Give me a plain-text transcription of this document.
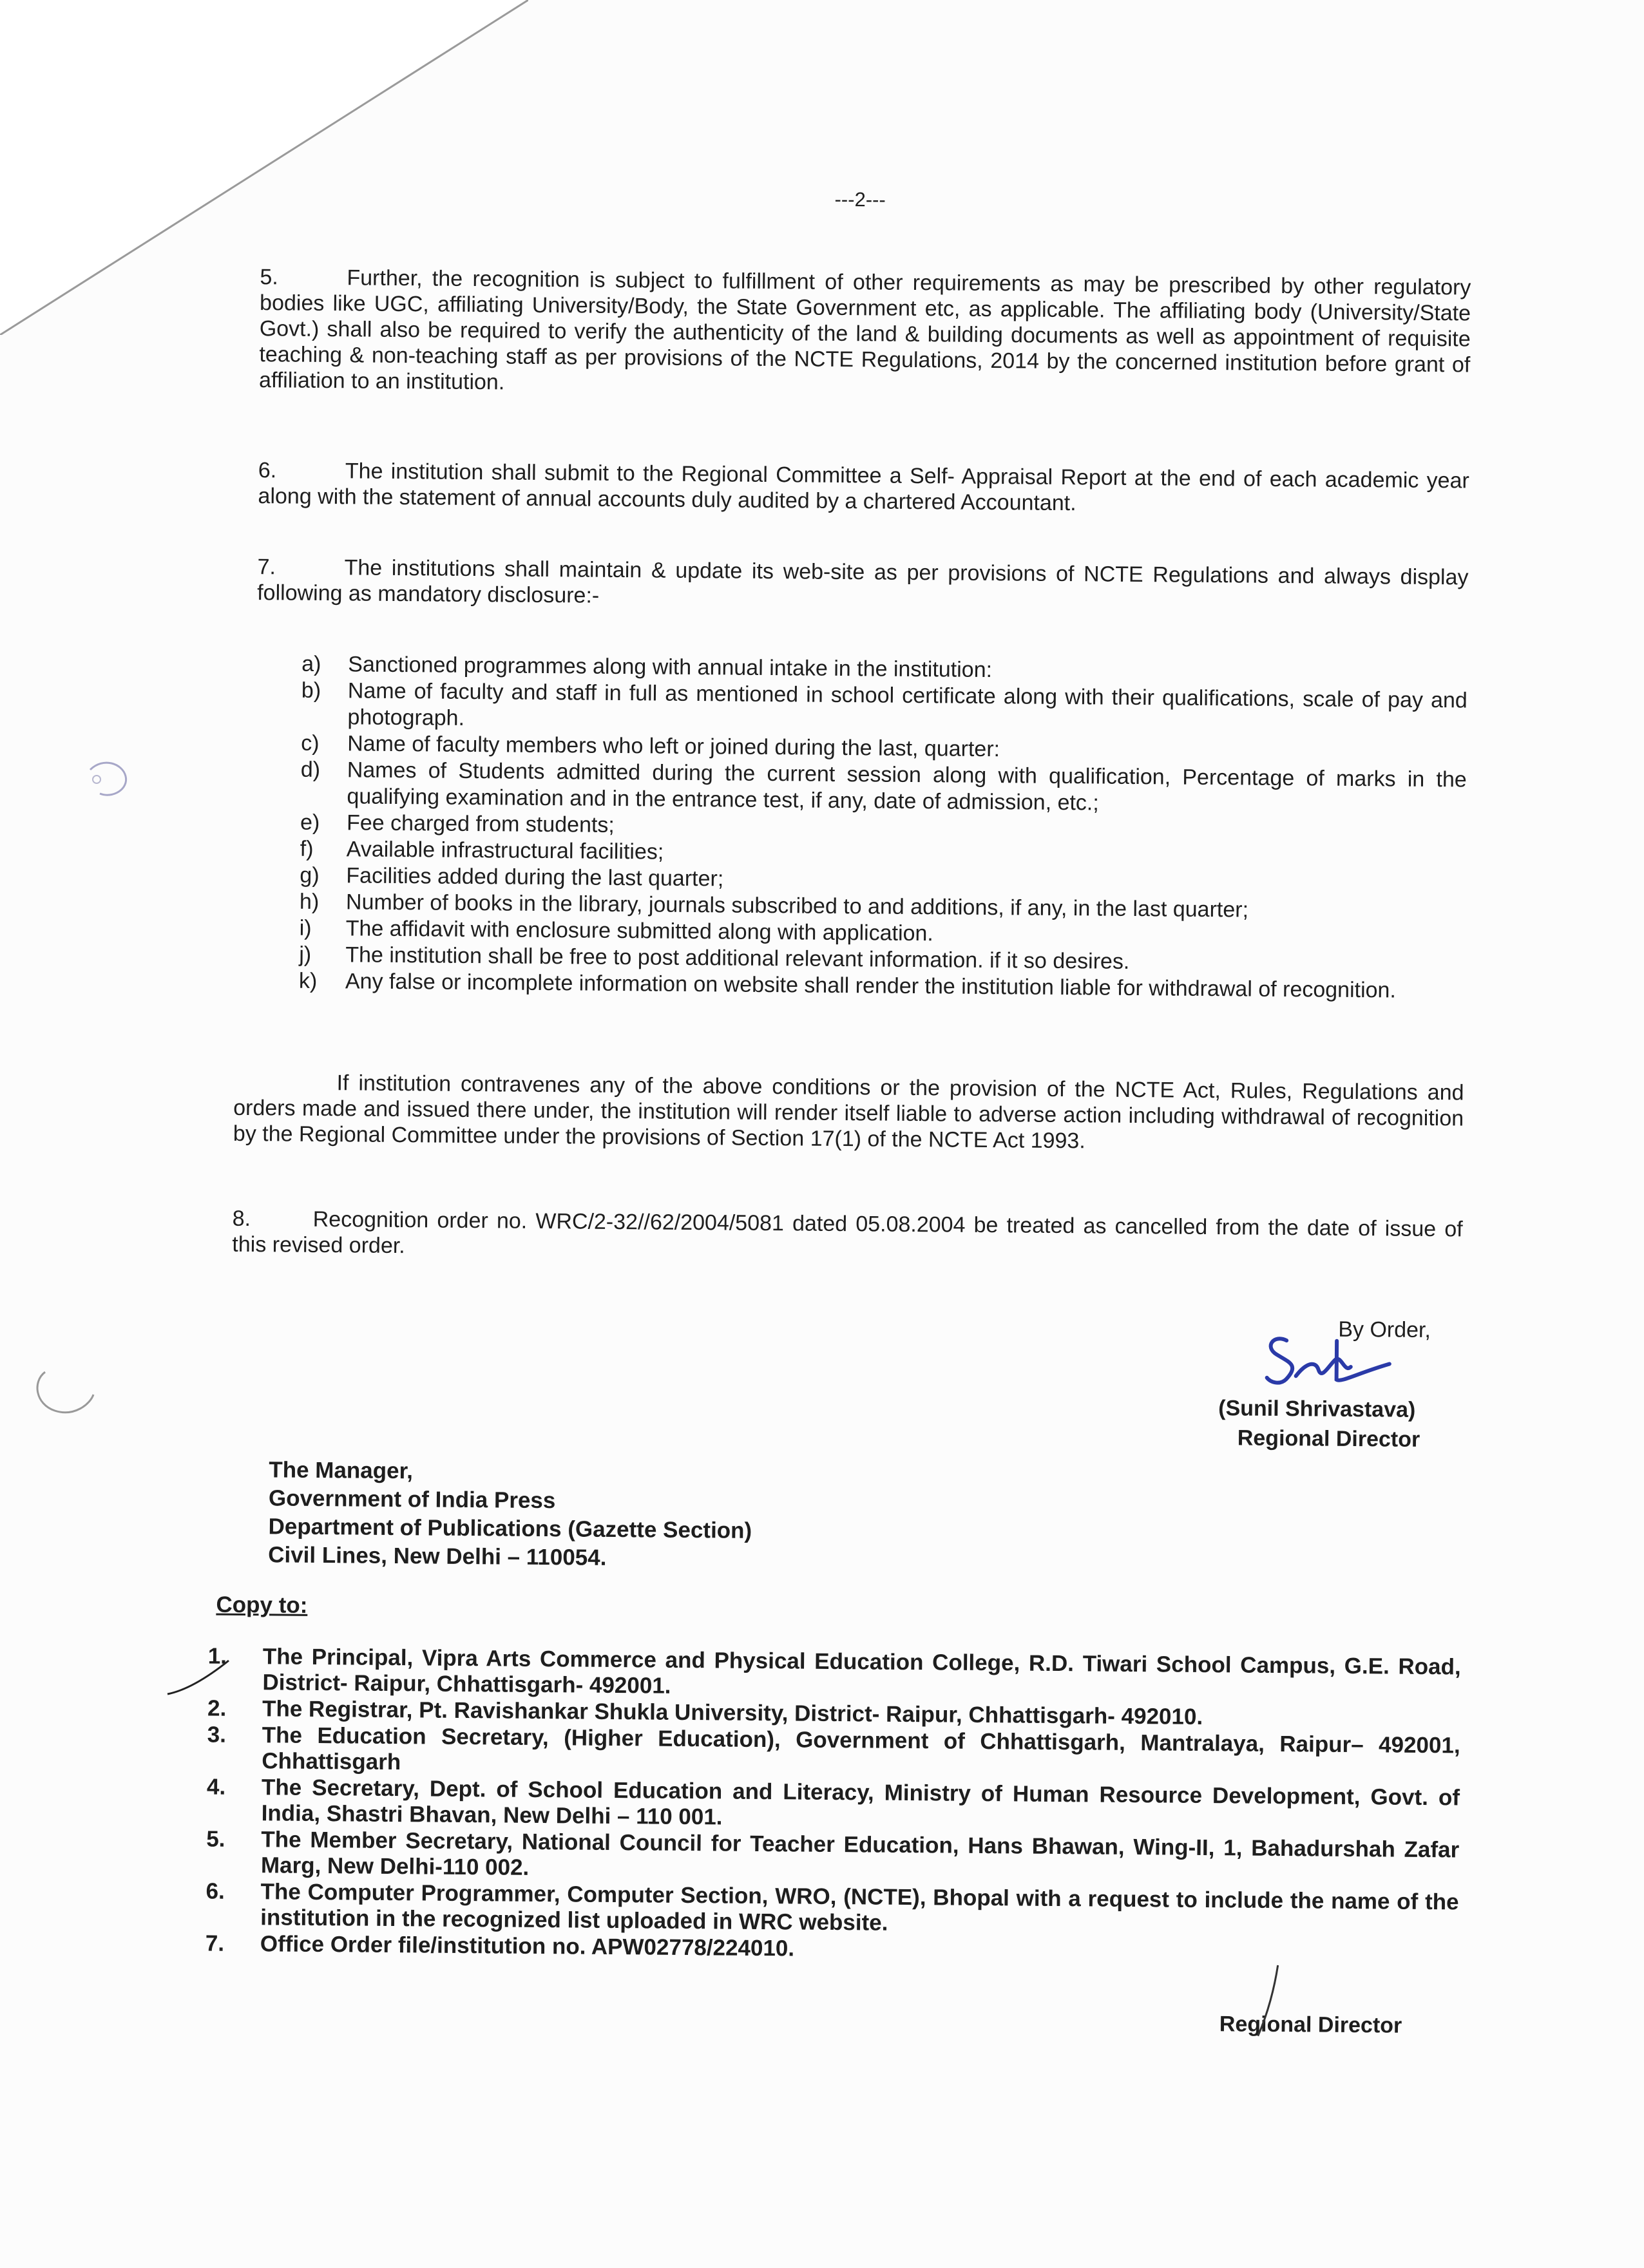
---2---
5.	Further, the recognition is subject to fulfillment of other requirements as may be prescribed by other regulatory bodies like UGC, affiliating University/Body, the State Government etc, as applicable. The affiliating body (University/State Govt.) shall also be required to verify the authenticity of the land & building documents as well as appointment of requisite teaching & non-teaching staff as per provisions of the NCTE Regulations, 2014 by the concerned institution before grant of affiliation to an institution.
6.	The institution shall submit to the Regional Committee a Self- Appraisal Report at the end of each academic year along with the statement of annual accounts duly audited by a chartered Accountant.
7.	The institutions shall maintain & update its web-site as per provisions of NCTE Regulations and always display following as mandatory disclosure:-
a) Sanctioned programmes along with annual intake in the institution:
b) Name of faculty and staff in full as mentioned in school certificate along with their qualifications, scale of pay and photograph.
c) Name of faculty members who left or joined during the last, quarter:
d) Names of Students admitted during the current session along with qualification, Percentage of marks in the qualifying examination and in the entrance test, if any, date of admission, etc.;
e) Fee charged from students;
f) Available infrastructural facilities;
g) Facilities added during the last quarter;
h) Number of books in the library, journals subscribed to and additions, if any, in the last quarter;
i) The affidavit with enclosure submitted along with application.
j) The institution shall be free to post additional relevant information. if it so desires.
k) Any false or incomplete information on website shall render the institution liable for withdrawal of recognition.
If institution contravenes any of the above conditions or the provision of the NCTE Act, Rules, Regulations and orders made and issued there under, the institution will render itself liable to adverse action including withdrawal of recognition by the Regional Committee under the provisions of Section 17(1) of the NCTE Act 1993.
8.	Recognition order no. WRC/2-32//62/2004/5081 dated 05.08.2004 be treated as cancelled from the date of issue of this revised order.
By Order,
(Sunil Shrivastava)
Regional Director
The Manager,
Government of India Press
Department of Publications (Gazette Section)
Civil Lines, New Delhi – 110054.
Copy to:
1. The Principal, Vipra Arts Commerce and Physical Education College, R.D. Tiwari School Campus, G.E. Road, District- Raipur, Chhattisgarh- 492001.
2. The Registrar, Pt. Ravishankar Shukla University, District- Raipur, Chhattisgarh- 492010.
3. The Education Secretary, (Higher Education), Government of Chhattisgarh, Mantralaya, Raipur– 492001, Chhattisgarh
4. The Secretary, Dept. of School Education and Literacy, Ministry of Human Resource Development, Govt. of India, Shastri Bhavan, New Delhi – 110 001.
5. The Member Secretary, National Council for Teacher Education, Hans Bhawan, Wing-II, 1, Bahadurshah Zafar Marg, New Delhi-110 002.
6. The Computer Programmer, Computer Section, WRO, (NCTE), Bhopal with a request to include the name of the institution in the recognized list uploaded in WRC website.
7. Office Order file/institution no. APW02778/224010.
Regional Director
